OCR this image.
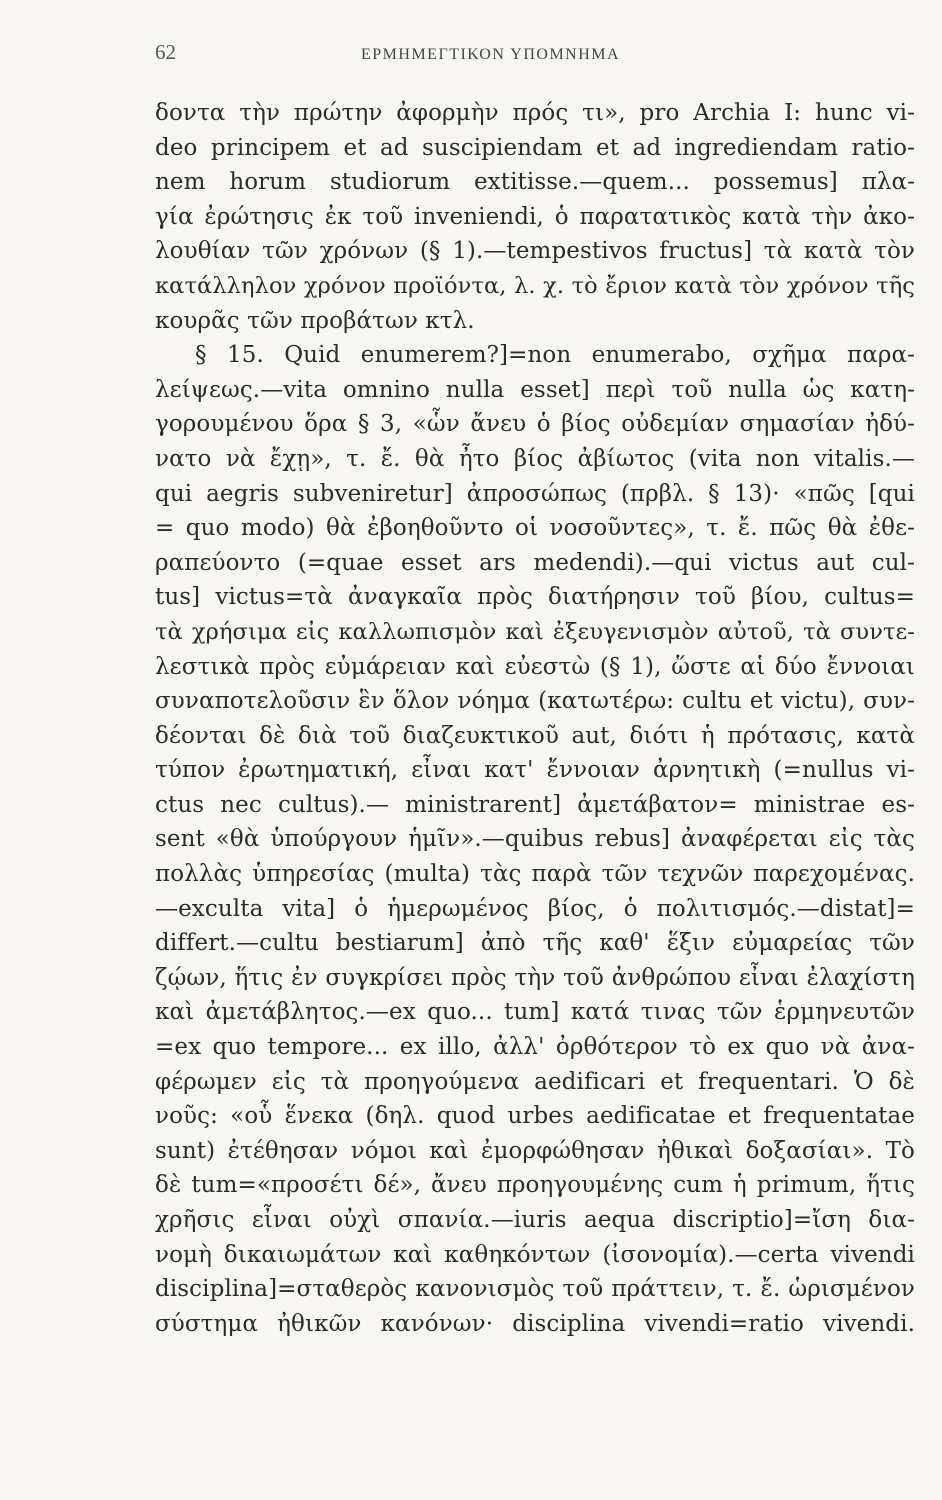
62	ΕΡΜΗΜΕΓΤΙΚΟΝ ΥΠΟΜΝΗΜΑ
δοντα τὴν πρώτην ἀφορμὴν πρός τι», pro Archia I: hunc vi-
deo principem et ad suscipiendam et ad ingrediendam ratio-
nem horum studiorum extitisse.—quem... possemus] πλα-
γία ἐρώτησις ἐκ τοῦ inveniendi, ὁ παρατατικὸς κατὰ τὴν ἀκο-
λουθίαν τῶν χρόνων (§ 1).—tempestivos fructus] τὰ κατὰ τὸν
κατάλληλον χρόνον προϊόντα, λ. χ. τὸ ἔριον κατὰ τὸν χρόνον τῆς
κουρᾶς τῶν προβάτων κτλ.
§ 15. Quid enumerem?]=non enumerabo, σχῆμα παρα-
λείψεως.—vita omnino nulla esset] περὶ τοῦ nulla ὡς κατη-
γορουμένου ὅρα § 3, «ὧν ἄνευ ὁ βίος οὐδεμίαν σημασίαν ἠδύ-
νατο νὰ ἔχῃ», τ. ἔ. θὰ ἦτο βίος ἀβίωτος (vita non vitalis.—
qui aegris subveniretur] ἀπροσώπως (πρβλ. § 13)· «πῶς [qui
= quo modo) θὰ ἐβοηθοῦντο οἱ νοσοῦντες», τ. ἔ. πῶς θὰ ἐθε-
ραπεύοντο (=quae esset ars medendi).—qui victus aut cul-
tus] victus=τὰ ἀναγκαῖα πρὸς διατήρησιν τοῦ βίου, cultus=
τὰ χρήσιμα εἰς καλλωπισμὸν καὶ ἐξευγενισμὸν αὐτοῦ, τὰ συντε-
λεστικὰ πρὸς εὐμάρειαν καὶ εὐεστὼ (§ 1), ὥστε αἱ δύο ἔννοιαι
συναποτελοῦσιν ἓν ὅλον νόημα (κατωτέρω: cultu et victu), συν-
δέονται δὲ διὰ τοῦ διαζευκτικοῦ aut, διότι ἡ πρότασις, κατὰ
τύπον ἐρωτηματική, εἶναι κατ' ἔννοιαν ἀρνητικὴ (=nullus vi-
ctus nec cultus).— ministrarent] ἀμετάβατον= ministrae es-
sent «θὰ ὑπούργουν ἡμῖν».—quibus rebus] ἀναφέρεται εἰς τὰς
πολλὰς ὑπηρεσίας (multa) τὰς παρὰ τῶν τεχνῶν παρεχομένας.
—exculta vita] ὁ ἡμερωμένος βίος, ὁ πολιτισμός.—distat]=
differt.—cultu bestiarum] ἀπὸ τῆς καθ' ἕξιν εὐμαρείας τῶν
ζῴων, ἥτις ἐν συγκρίσει πρὸς τὴν τοῦ ἀνθρώπου εἶναι ἐλαχίστη
καὶ ἀμετάβλητος.—ex quo... tum] κατά τινας τῶν ἑρμηνευτῶν
=ex quo tempore... ex illo, ἀλλ' ὀρθότερον τὸ ex quo νὰ ἀνα-
φέρωμεν εἰς τὰ προηγούμενα aedificari et frequentari. Ὁ δὲ
νοῦς: «οὗ ἕνεκα (δηλ. quod urbes aedificatae et frequentatae
sunt) ἐτέθησαν νόμοι καὶ ἐμορφώθησαν ἠθικαὶ δοξασίαι». Τὸ
δὲ tum=«προσέτι δέ», ἄνευ προηγουμένης cum ἡ primum, ἥτις
χρῆσις εἶναι οὐχὶ σπανία.—iuris aequa discriptio]=ἴση δια-
νομὴ δικαιωμάτων καὶ καθηκόντων (ἰσονομία).—certa vivendi
disciplina]=σταθερὸς κανονισμὸς τοῦ πράττειν, τ. ἔ. ὡρισμένον
σύστημα ἠθικῶν κανόνων· disciplina vivendi=ratio vivendi.
